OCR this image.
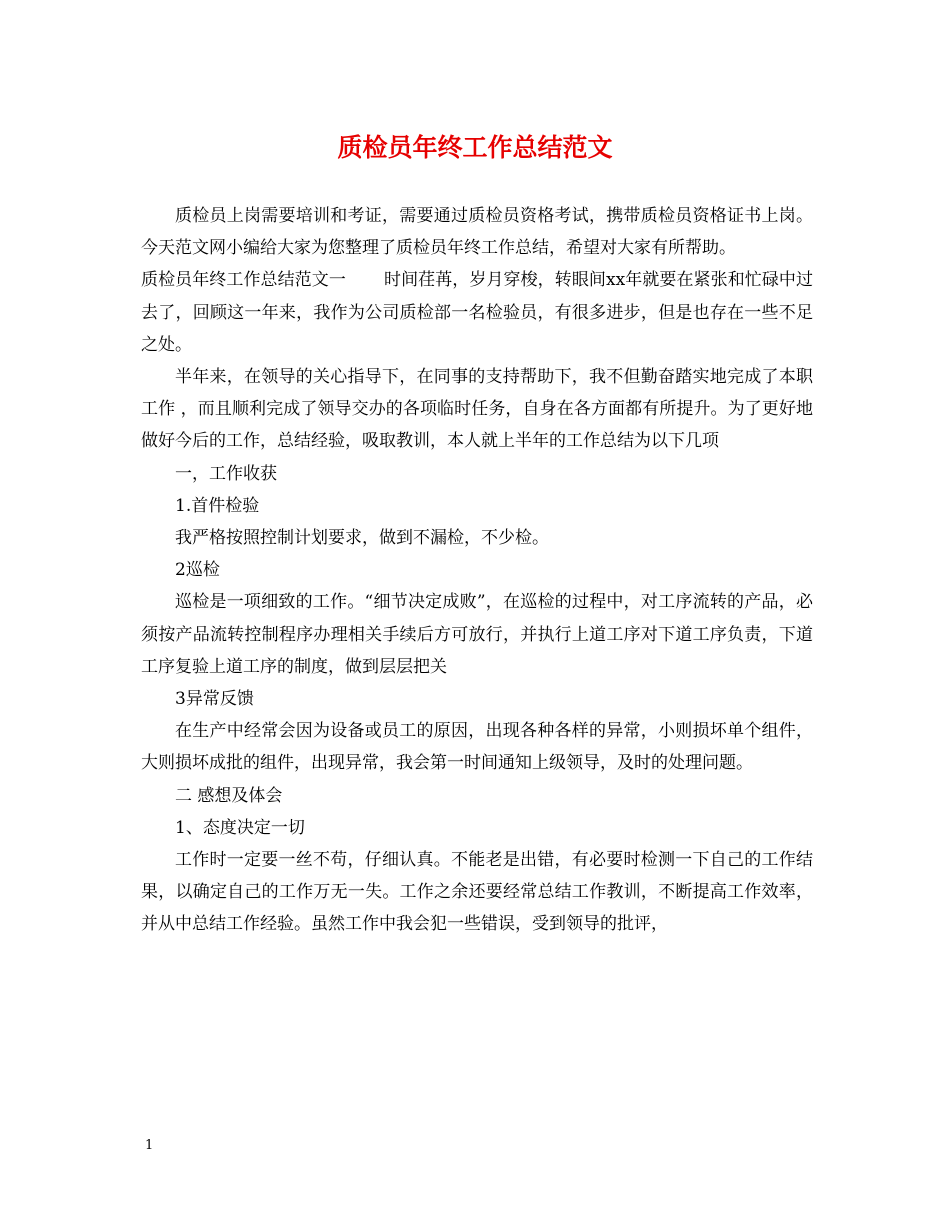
质检员年终工作总结范文

质检员上岗需要培训和考证，需要通过质检员资格考试，携带质检员资格证书上岗。今天范文网小编给大家为您整理了质检员年终工作总结，希望对大家有所帮助。

质检员年终工作总结范文一 时间荏苒，岁月穿梭，转眼间xx年就要在紧张和忙碌中过去了，回顾这一年来，我作为公司质检部一名检验员，有很多进步，但是也存在一些不足之处。

半年来，在领导的关心指导下，在同事的支持帮助下，我不但勤奋踏实地完成了本职工作 ，而且顺利完成了领导交办的各项临时任务，自身在各方面都有所提升。为了更好地做好今后的工作，总结经验，吸取教训，本人就上半年的工作总结为以下几项

一，工作收获

1.首件检验

我严格按照控制计划要求，做到不漏检，不少检。

2巡检

巡检是一项细致的工作。“细节决定成败”，在巡检的过程中，对工序流转的产品，必须按产品流转控制程序办理相关手续后方可放行，并执行上道工序对下道工序负责，下道工序复验上道工序的制度，做到层层把关

3异常反馈

在生产中经常会因为设备或员工的原因，出现各种各样的异常，小则损坏单个组件，大则损坏成批的组件，出现异常，我会第一时间通知上级领导，及时的处理问题。

二 感想及体会

1、态度决定一切

工作时一定要一丝不苟，仔细认真。不能老是出错，有必要时检测一下自己的工作结果，以确定自己的工作万无一失。工作之余还要经常总结工作教训，不断提高工作效率，并从中总结工作经验。虽然工作中我会犯一些错误，受到领导的批评，

1
